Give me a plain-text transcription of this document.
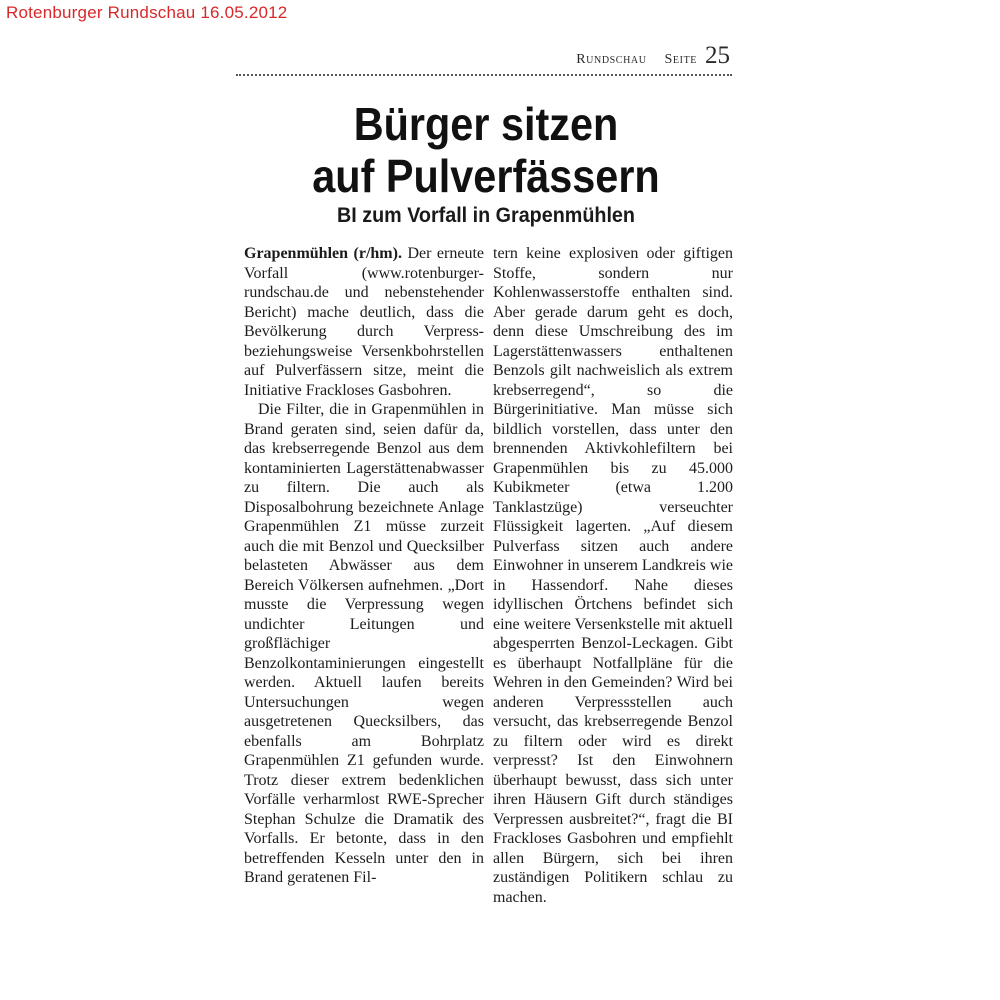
Rotenburger Rundschau 16.05.2012
Rundschau Seite 25
Bürger sitzen
auf Pulverfässern
BI zum Vorfall in Grapenmühlen

Grapenmühlen (r/hm). Der erneute Vorfall (www.rotenburger-rundschau.de und nebenstehender Bericht) mache deutlich, dass die Bevölkerung durch Verpress- beziehungsweise Versenkbohrstellen auf Pulverfässern sitze, meint die Initiative Frackloses Gasbohren.

Die Filter, die in Grapenmühlen in Brand geraten sind, seien dafür da, das krebserregende Benzol aus dem kontaminierten Lagerstättenabwasser zu filtern. Die auch als Disposalbohrung bezeichnete Anlage Grapenmühlen Z1 müsse zurzeit auch die mit Benzol und Quecksilber belasteten Abwässer aus dem Bereich Völkersen aufnehmen. „Dort musste die Verpressung wegen undichter Leitungen und großflächiger Benzolkontaminierungen eingestellt werden. Aktuell laufen bereits Untersuchungen wegen ausgetretenen Quecksilbers, das ebenfalls am Bohrplatz Grapenmühlen Z1 gefunden wurde. Trotz dieser extrem bedenklichen Vorfälle verharmlost RWE-Sprecher Stephan Schulze die Dramatik des Vorfalls. Er betonte, dass in den betreffenden Kesseln unter den in Brand geratenen Fil-

tern keine explosiven oder giftigen Stoffe, sondern nur Kohlenwasserstoffe enthalten sind. Aber gerade darum geht es doch, denn diese Umschreibung des im Lagerstättenwassers enthaltenen Benzols gilt nachweislich als extrem krebserregend“, so die Bürgerinitiative. Man müsse sich bildlich vorstellen, dass unter den brennenden Aktivkohlefiltern bei Grapenmühlen bis zu 45.000 Kubikmeter (etwa 1.200 Tanklastzüge) verseuchter Flüssigkeit lagerten. „Auf diesem Pulverfass sitzen auch andere Einwohner in unserem Landkreis wie in Hassendorf. Nahe dieses idyllischen Örtchens befindet sich eine weitere Versenkstelle mit aktuell abgesperrten Benzol-Leckagen. Gibt es überhaupt Notfallpläne für die Wehren in den Gemeinden? Wird bei anderen Verpressstellen auch versucht, das krebserregende Benzol zu filtern oder wird es direkt verpresst? Ist den Einwohnern überhaupt bewusst, dass sich unter ihren Häusern Gift durch ständiges Verpressen ausbreitet?“, fragt die BI Frackloses Gasbohren und empfiehlt allen Bürgern, sich bei ihren zuständigen Politikern schlau zu machen.
